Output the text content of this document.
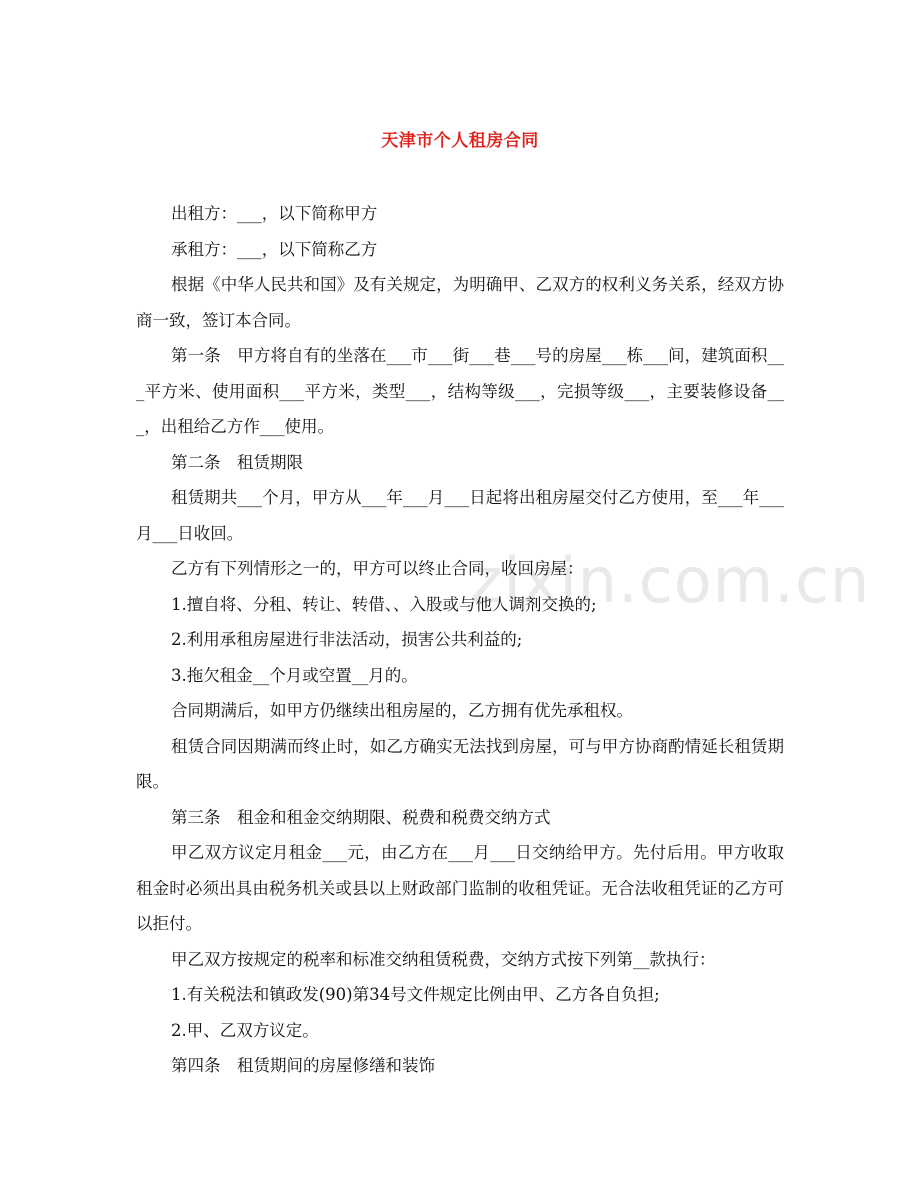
zixin.com.cn
天津市个人租房合同

出租方：___，以下简称甲方

承租方：___，以下简称乙方

根据《中华人民共和国》及有关规定，为明确甲、乙双方的权利义务关系，经双方协商一致，签订本合同。

第一条　甲方将自有的坐落在___市___街___巷___号的房屋___栋___间，建筑面积___平方米、使用面积___平方米，类型___，结构等级___，完损等级___，主要装修设备___，出租给乙方作___使用。

第二条　租赁期限

租赁期共___个月，甲方从___年___月___日起将出租房屋交付乙方使用，至___年___月___日收回。

乙方有下列情形之一的，甲方可以终止合同，收回房屋：

1.擅自将、分租、转让、转借、、入股或与他人调剂交换的;

2.利用承租房屋进行非法活动，损害公共利益的;

3.拖欠租金__个月或空置__月的。

合同期满后，如甲方仍继续出租房屋的，乙方拥有优先承租权。

租赁合同因期满而终止时，如乙方确实无法找到房屋，可与甲方协商酌情延长租赁期限。

第三条　租金和租金交纳期限、税费和税费交纳方式

甲乙双方议定月租金___元，由乙方在___月___日交纳给甲方。先付后用。甲方收取租金时必须出具由税务机关或县以上财政部门监制的收租凭证。无合法收租凭证的乙方可以拒付。

甲乙双方按规定的税率和标准交纳租赁税费，交纳方式按下列第__款执行：

1.有关税法和镇政发(90)第34号文件规定比例由甲、乙方各自负担;

2.甲、乙双方议定。

第四条　租赁期间的房屋修缮和装饰
